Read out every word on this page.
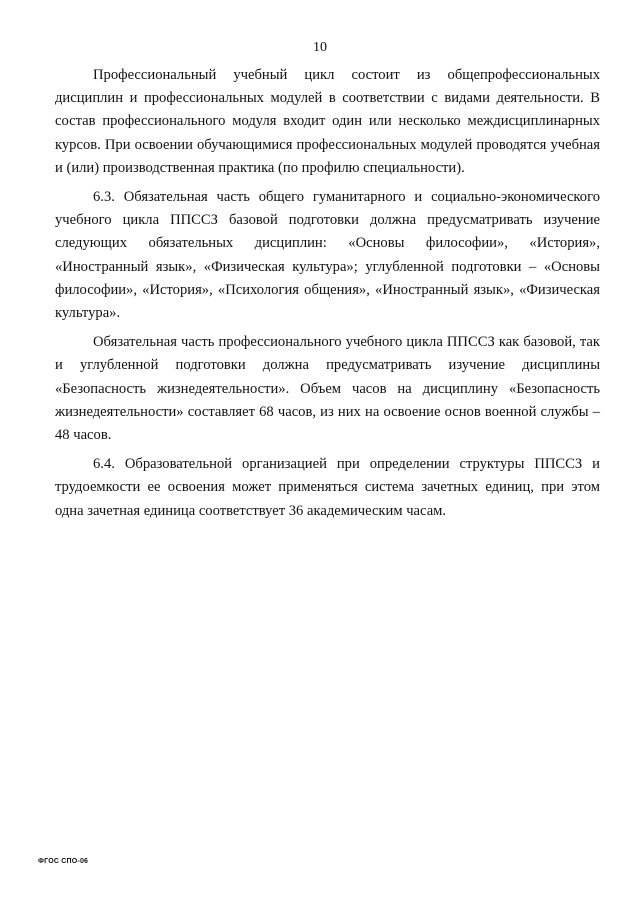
10

Профессиональный учебный цикл состоит из общепрофессиональных дисциплин и профессиональных модулей в соответствии с видами деятельности. В состав профессионального модуля входит один или несколько междисциплинарных курсов. При освоении обучающимися профессиональных модулей проводятся учебная и (или) производственная практика (по профилю специальности).

6.3. Обязательная часть общего гуманитарного и социально-экономического учебного цикла ППССЗ базовой подготовки должна предусматривать изучение следующих обязательных дисциплин: «Основы философии», «История», «Иностранный язык», «Физическая культура»; углубленной подготовки – «Основы философии», «История», «Психология общения», «Иностранный язык», «Физическая культура».

Обязательная часть профессионального учебного цикла ППССЗ как базовой, так и углубленной подготовки должна предусматривать изучение дисциплины «Безопасность жизнедеятельности». Объем часов на дисциплину «Безопасность жизнедеятельности» составляет 68 часов, из них на освоение основ военной службы – 48 часов.

6.4. Образовательной организацией при определении структуры ППССЗ и трудоемкости ее освоения может применяться система зачетных единиц, при этом одна зачетная единица соответствует 36 академическим часам.

ФГОС СПО-06
